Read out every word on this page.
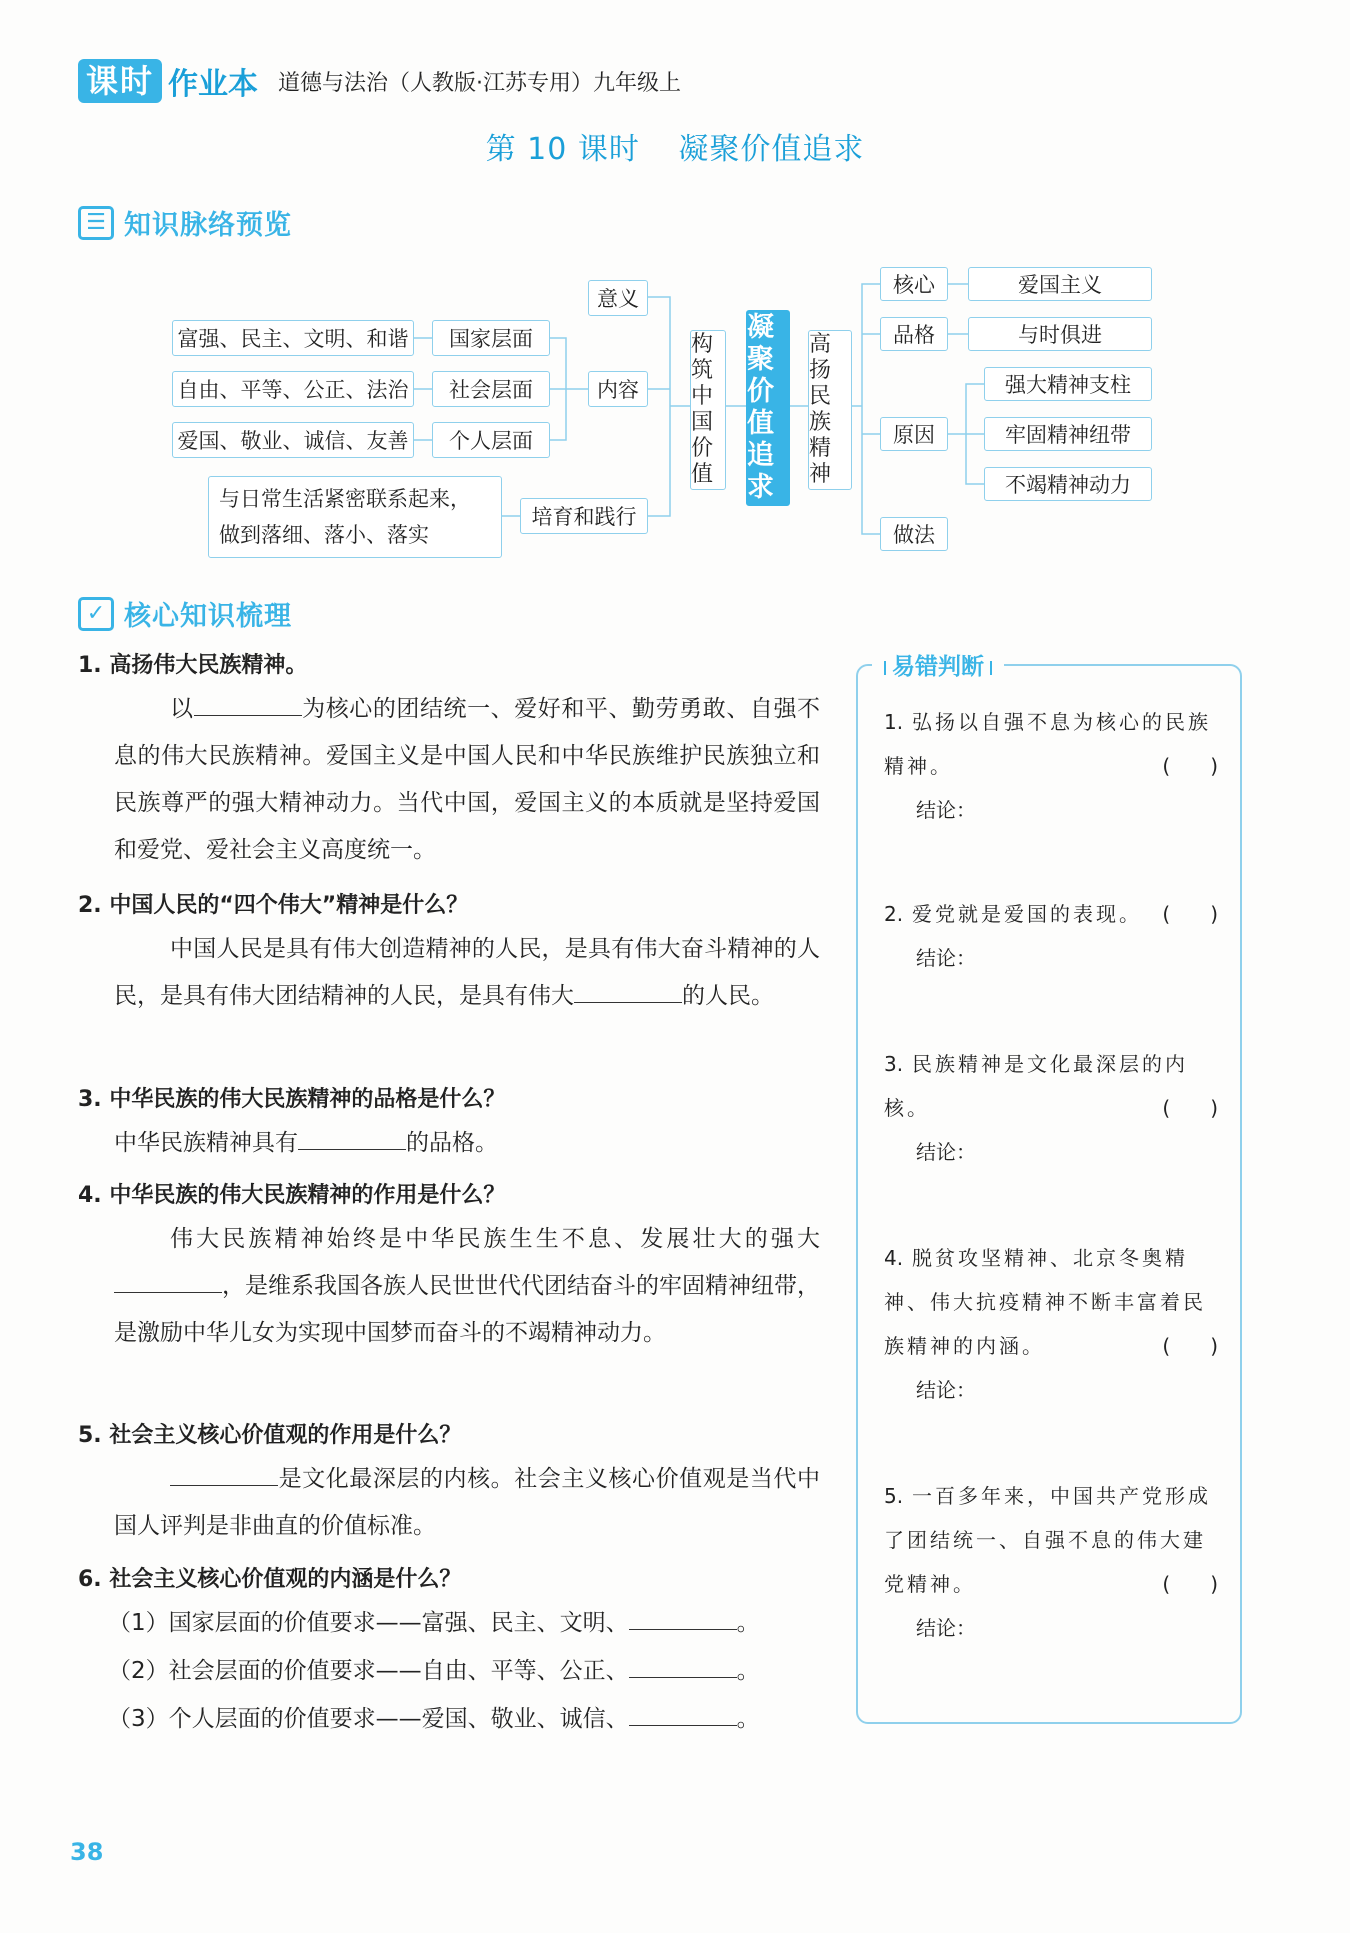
课时 作业本 道德与法治（人教版·江苏专用）九年级上
第 10 课时 凝聚价值追求
☰ 知识脉络预览
富强、民主、文明、和谐
自由、平等、公正、法治
爱国、敬业、诚信、友善
国家层面
社会层面
个人层面
意义
内容
培育和践行
与日常生活紧密联系起来，
做到落细、落小、落实
构筑中国价值
凝聚价值追求
高扬民族精神
核心	爱国主义
品格	与时俱进
原因
强大精神支柱
牢固精神纽带
不竭精神动力
做法
✓ 核心知识梳理
1. 高扬伟大民族精神。
以	为核心的团结统一、爱好和平、勤劳勇敢、自强不息的伟大民族精神。爱国主义是中国人民和中华民族维护民族独立和民族尊严的强大精神动力。当代中国，爱国主义的本质就是坚持爱国和爱党、爱社会主义高度统一。
2. 中国人民的“四个伟大”精神是什么？
中国人民是具有伟大创造精神的人民，是具有伟大奋斗精神的人民，是具有伟大团结精神的人民，是具有伟大	的人民。
3. 中华民族的伟大民族精神的品格是什么？
中华民族精神具有	的品格。
4. 中华民族的伟大民族精神的作用是什么？
伟大民族精神始终是中华民族生生不息、发展壮大的强大，是维系我国各族人民世世代代团结奋斗的牢固精神纽带，是激励中华儿女为实现中国梦而奋斗的不竭精神动力。
5. 社会主义核心价值观的作用是什么？
是文化最深层的内核。社会主义核心价值观是当代中国人评判是非曲直的价值标准。
6. 社会主义核心价值观的内涵是什么？
（1）国家层面的价值要求——富强、民主、文明、	。
（2）社会层面的价值要求——自由、平等、公正、	。
（3）个人层面的价值要求——爱国、敬业、诚信、	。
易错判断
1. 弘扬以自强不息为核心的民族精神。	(　　)
结论：
2. 爱党就是爱国的表现。 (　　)
结论：
3. 民族精神是文化最深层的内核。	(　　)
结论：
4. 脱贫攻坚精神、北京冬奥精神、伟大抗疫精神不断丰富着民族精神的内涵。	(　　)
结论：
5. 一百多年来，中国共产党形成了团结统一、自强不息的伟大建党精神。	(　　)
结论：
38
